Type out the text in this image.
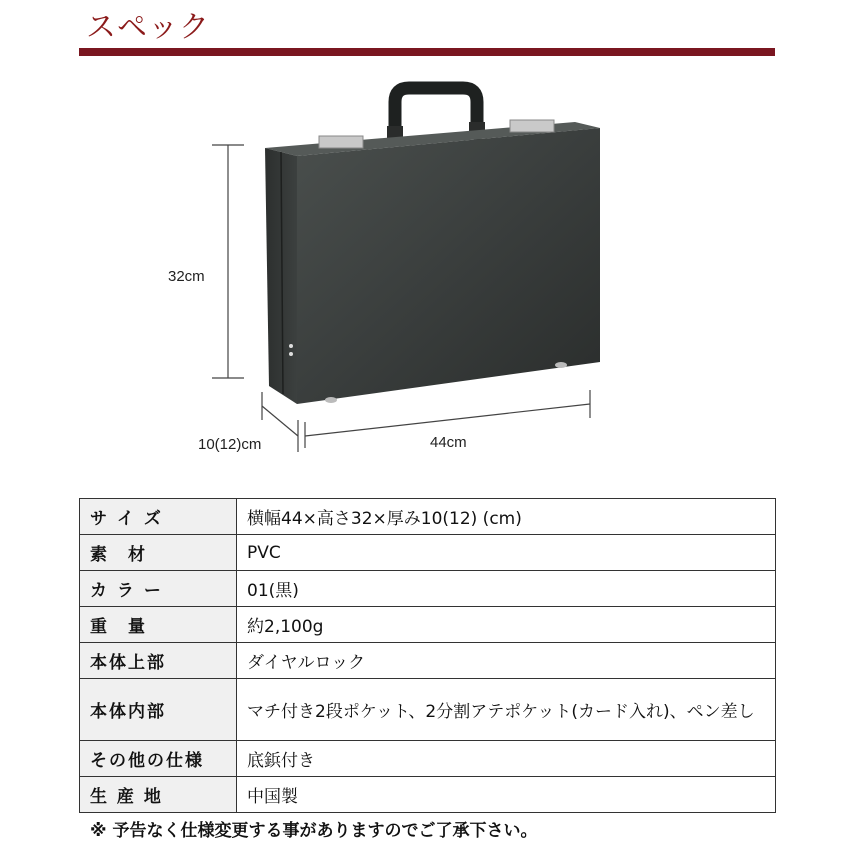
スペック
32cm
10(12)cm	44cm
サ イ ズ	横幅44×高さ32×厚み10(12) (cm)
素　材	PVC
カ ラ ー	01(黒)
重　量	約2,100g
本体上部	ダイヤルロック
本体内部	マチ付き2段ポケット、2分割アテポケット(カード入れ)、ペン差し
その他の仕様	底鋲付き
生 産 地	中国製
※ 予告なく仕様変更する事がありますのでご了承下さい。
